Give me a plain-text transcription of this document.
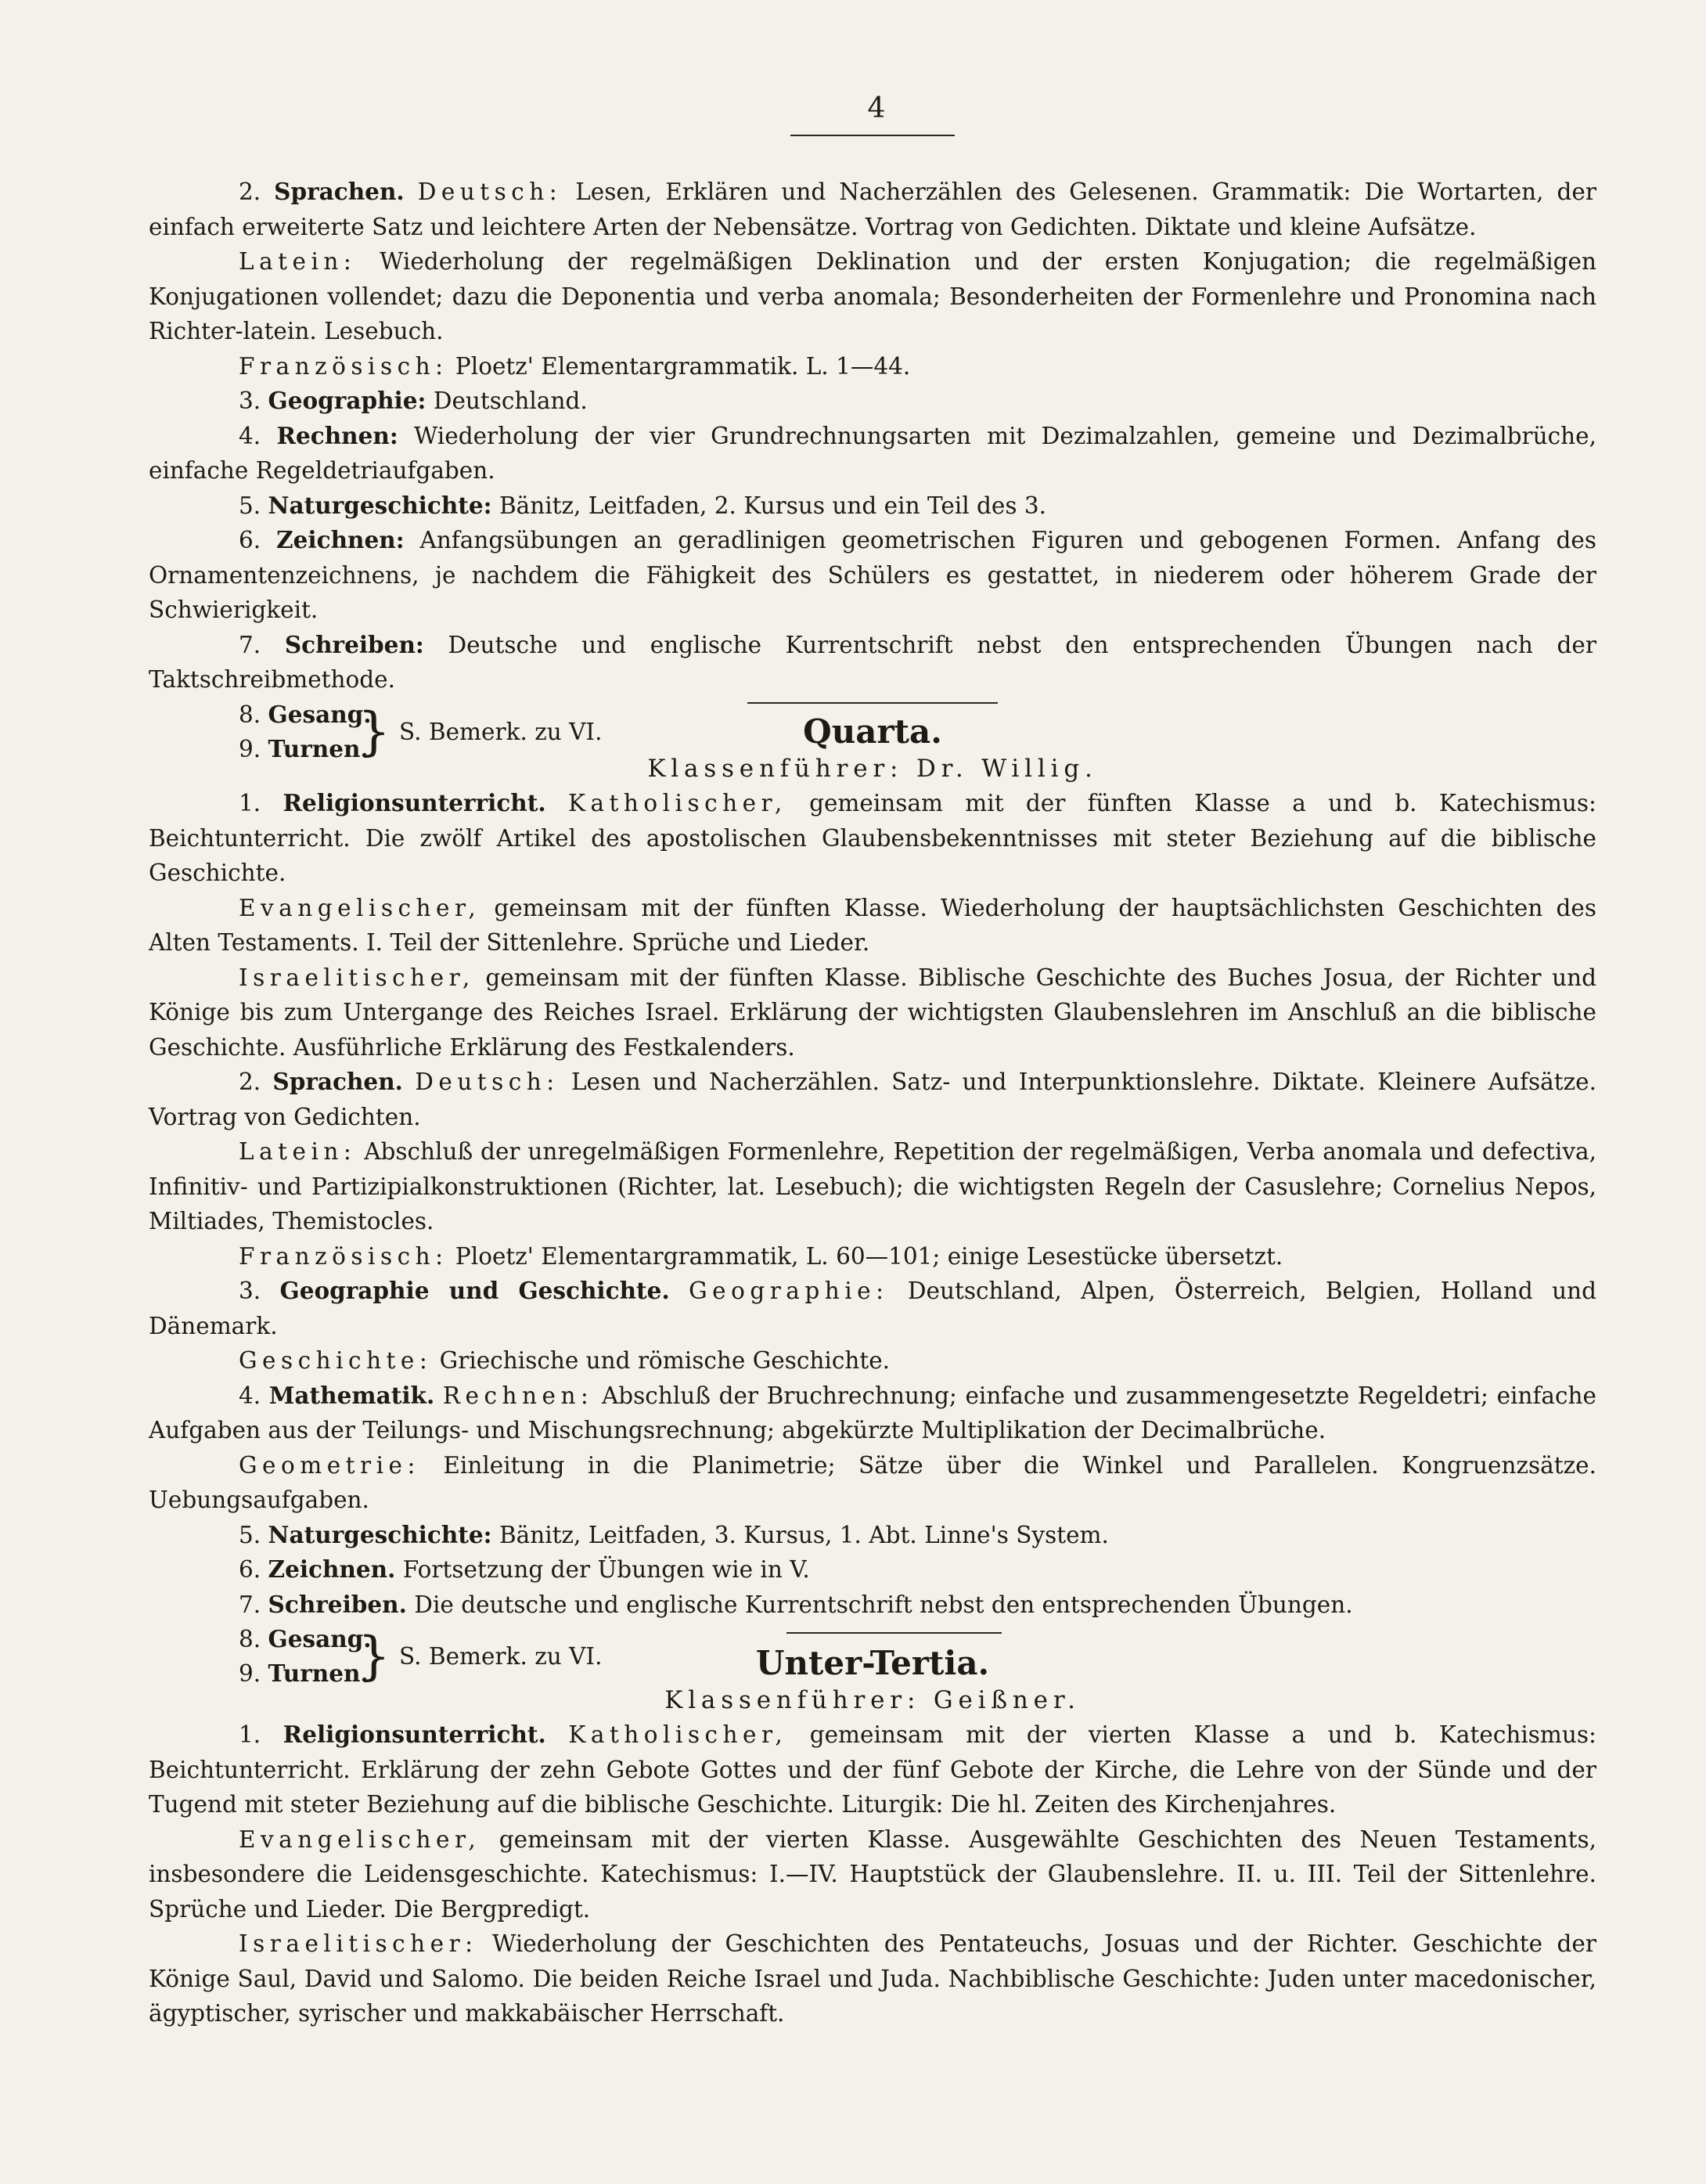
4

2. Sprachen. Deutsch: Lesen, Erklären und Nacherzählen des Gelesenen. Grammatik: Die Wortarten, der einfach erweiterte Satz und leichtere Arten der Nebensätze. Vortrag von Gedichten. Diktate und kleine Aufsätze.

Latein: Wiederholung der regelmäßigen Deklination und der ersten Konjugation; die regelmäßigen Konjugationen vollendet; dazu die Deponentia und verba anomala; Besonderheiten der Formenlehre und Pronomina nach Richter-latein. Lesebuch.

Französisch: Ploetz' Elementargrammatik. L. 1—44.

3. Geographie: Deutschland.

4. Rechnen: Wiederholung der vier Grundrechnungsarten mit Dezimalzahlen, gemeine und Dezimalbrüche, einfache Regeldetriaufgaben.

5. Naturgeschichte: Bänitz, Leitfaden, 2. Kursus und ein Teil des 3.

6. Zeichnen: Anfangsübungen an geradlinigen geometrischen Figuren und gebogenen Formen. Anfang des Ornamentenzeichnens, je nachdem die Fähigkeit des Schülers es gestattet, in niederem oder höherem Grade der Schwierigkeit.

7. Schreiben: Deutsche und englische Kurrentschrift nebst den entsprechenden Übungen nach der Taktschreibmethode.

8. Gesang.
9. Turnen.
} S. Bemerk. zu VI.	Quarta.

Klassenführer: Dr. Willig.

1. Religionsunterricht. Katholischer, gemeinsam mit der fünften Klasse a und b. Katechismus: Beichtunterricht. Die zwölf Artikel des apostolischen Glaubensbekenntnisses mit steter Beziehung auf die biblische Geschichte.

Evangelischer, gemeinsam mit der fünften Klasse. Wiederholung der hauptsächlichsten Geschichten des Alten Testaments. I. Teil der Sittenlehre. Sprüche und Lieder.

Israelitischer, gemeinsam mit der fünften Klasse. Biblische Geschichte des Buches Josua, der Richter und Könige bis zum Untergange des Reiches Israel. Erklärung der wichtigsten Glaubenslehren im Anschluß an die biblische Geschichte. Ausführliche Erklärung des Festkalenders.

2. Sprachen. Deutsch: Lesen und Nacherzählen. Satz- und Interpunktionslehre. Diktate. Kleinere Aufsätze. Vortrag von Gedichten.

Latein: Abschluß der unregelmäßigen Formenlehre, Repetition der regelmäßigen, Verba anomala und defectiva, Infinitiv- und Partizipialkonstruktionen (Richter, lat. Lesebuch); die wichtigsten Regeln der Casuslehre; Cornelius Nepos, Miltiades, Themistocles.

Französisch: Ploetz' Elementargrammatik, L. 60—101; einige Lesestücke übersetzt.

3. Geographie und Geschichte. Geographie: Deutschland, Alpen, Österreich, Belgien, Holland und Dänemark.

Geschichte: Griechische und römische Geschichte.

4. Mathematik. Rechnen: Abschluß der Bruchrechnung; einfache und zusammengesetzte Regeldetri; einfache Aufgaben aus der Teilungs- und Mischungsrechnung; abgekürzte Multiplikation der Decimalbrüche.

Geometrie: Einleitung in die Planimetrie; Sätze über die Winkel und Parallelen. Kongruenzsätze. Uebungsaufgaben.

5. Naturgeschichte: Bänitz, Leitfaden, 3. Kursus, 1. Abt. Linne's System.

6. Zeichnen. Fortsetzung der Übungen wie in V.

7. Schreiben. Die deutsche und englische Kurrentschrift nebst den entsprechenden Übungen.

8. Gesang.
9. Turnen.
} S. Bemerk. zu VI.	Unter-Tertia.

Klassenführer: Geißner.

1. Religionsunterricht. Katholischer, gemeinsam mit der vierten Klasse a und b. Katechismus: Beichtunterricht. Erklärung der zehn Gebote Gottes und der fünf Gebote der Kirche, die Lehre von der Sünde und der Tugend mit steter Beziehung auf die biblische Geschichte. Liturgik: Die hl. Zeiten des Kirchenjahres.

Evangelischer, gemeinsam mit der vierten Klasse. Ausgewählte Geschichten des Neuen Testaments, insbesondere die Leidensgeschichte. Katechismus: I.—IV. Hauptstück der Glaubenslehre. II. u. III. Teil der Sittenlehre. Sprüche und Lieder. Die Bergpredigt.

Israelitischer: Wiederholung der Geschichten des Pentateuchs, Josuas und der Richter. Geschichte der Könige Saul, David und Salomo. Die beiden Reiche Israel und Juda. Nachbiblische Geschichte: Juden unter macedonischer, ägyptischer, syrischer und makkabäischer Herrschaft.
